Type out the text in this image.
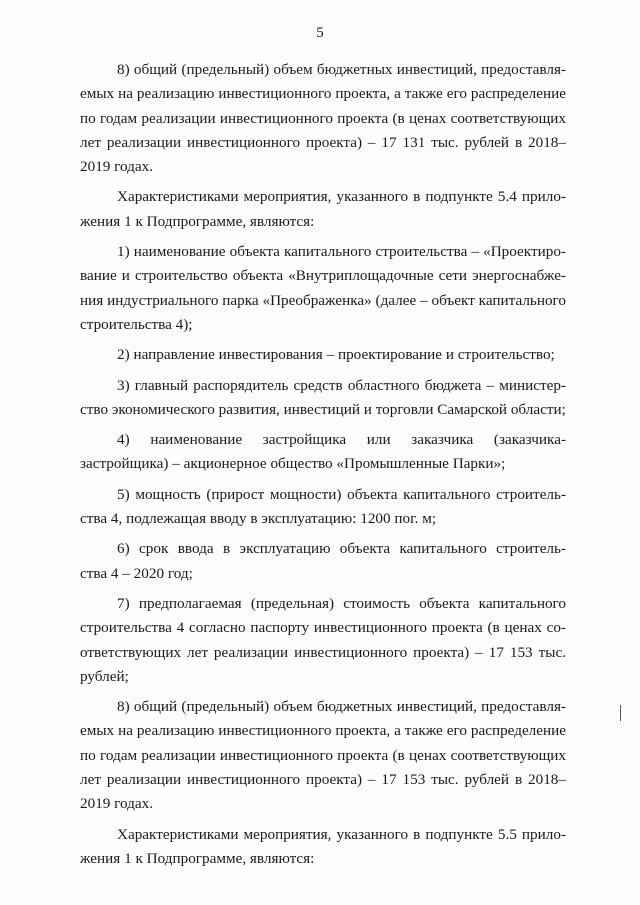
5

8) общий (предельный) объем бюджетных инвестиций, предоставля-
емых на реализацию инвестиционного проекта, а также его распределение
по годам реализации инвестиционного проекта (в ценах соответствующих
лет реализации инвестиционного проекта) – 17 131 тыс. рублей в 2018–
2019 годах.

Характеристиками мероприятия, указанного в подпункте 5.4 прило-
жения 1 к Подпрограмме, являются:

1) наименование объекта капитального строительства – «Проектиро-
вание и строительство объекта «Внутриплощадочные сети энергоснабже-
ния индустриального парка «Преображенка» (далее – объект капитального
строительства 4);

2) направление инвестирования – проектирование и строительство;

3) главный распорядитель средств областного бюджета – министер-
ство экономического развития, инвестиций и торговли Самарской области;

4) наименование застройщика или заказчика (заказчика-
застройщика) – акционерное общество «Промышленные Парки»;

5) мощность (прирост мощности) объекта капитального строитель-
ства 4, подлежащая вводу в эксплуатацию: 1200 пог. м;

6) срок ввода в эксплуатацию объекта капитального строитель-
ства 4 – 2020 год;

7) предполагаемая (предельная) стоимость объекта капитального
строительства 4 согласно паспорту инвестиционного проекта (в ценах со-
ответствующих лет реализации инвестиционного проекта) – 17 153 тыс.
рублей;

8) общий (предельный) объем бюджетных инвестиций, предоставля-
емых на реализацию инвестиционного проекта, а также его распределение
по годам реализации инвестиционного проекта (в ценах соответствующих
лет реализации инвестиционного проекта) – 17 153 тыс. рублей в 2018–
2019 годах.

Характеристиками мероприятия, указанного в подпункте 5.5 прило-
жения 1 к Подпрограмме, являются:
